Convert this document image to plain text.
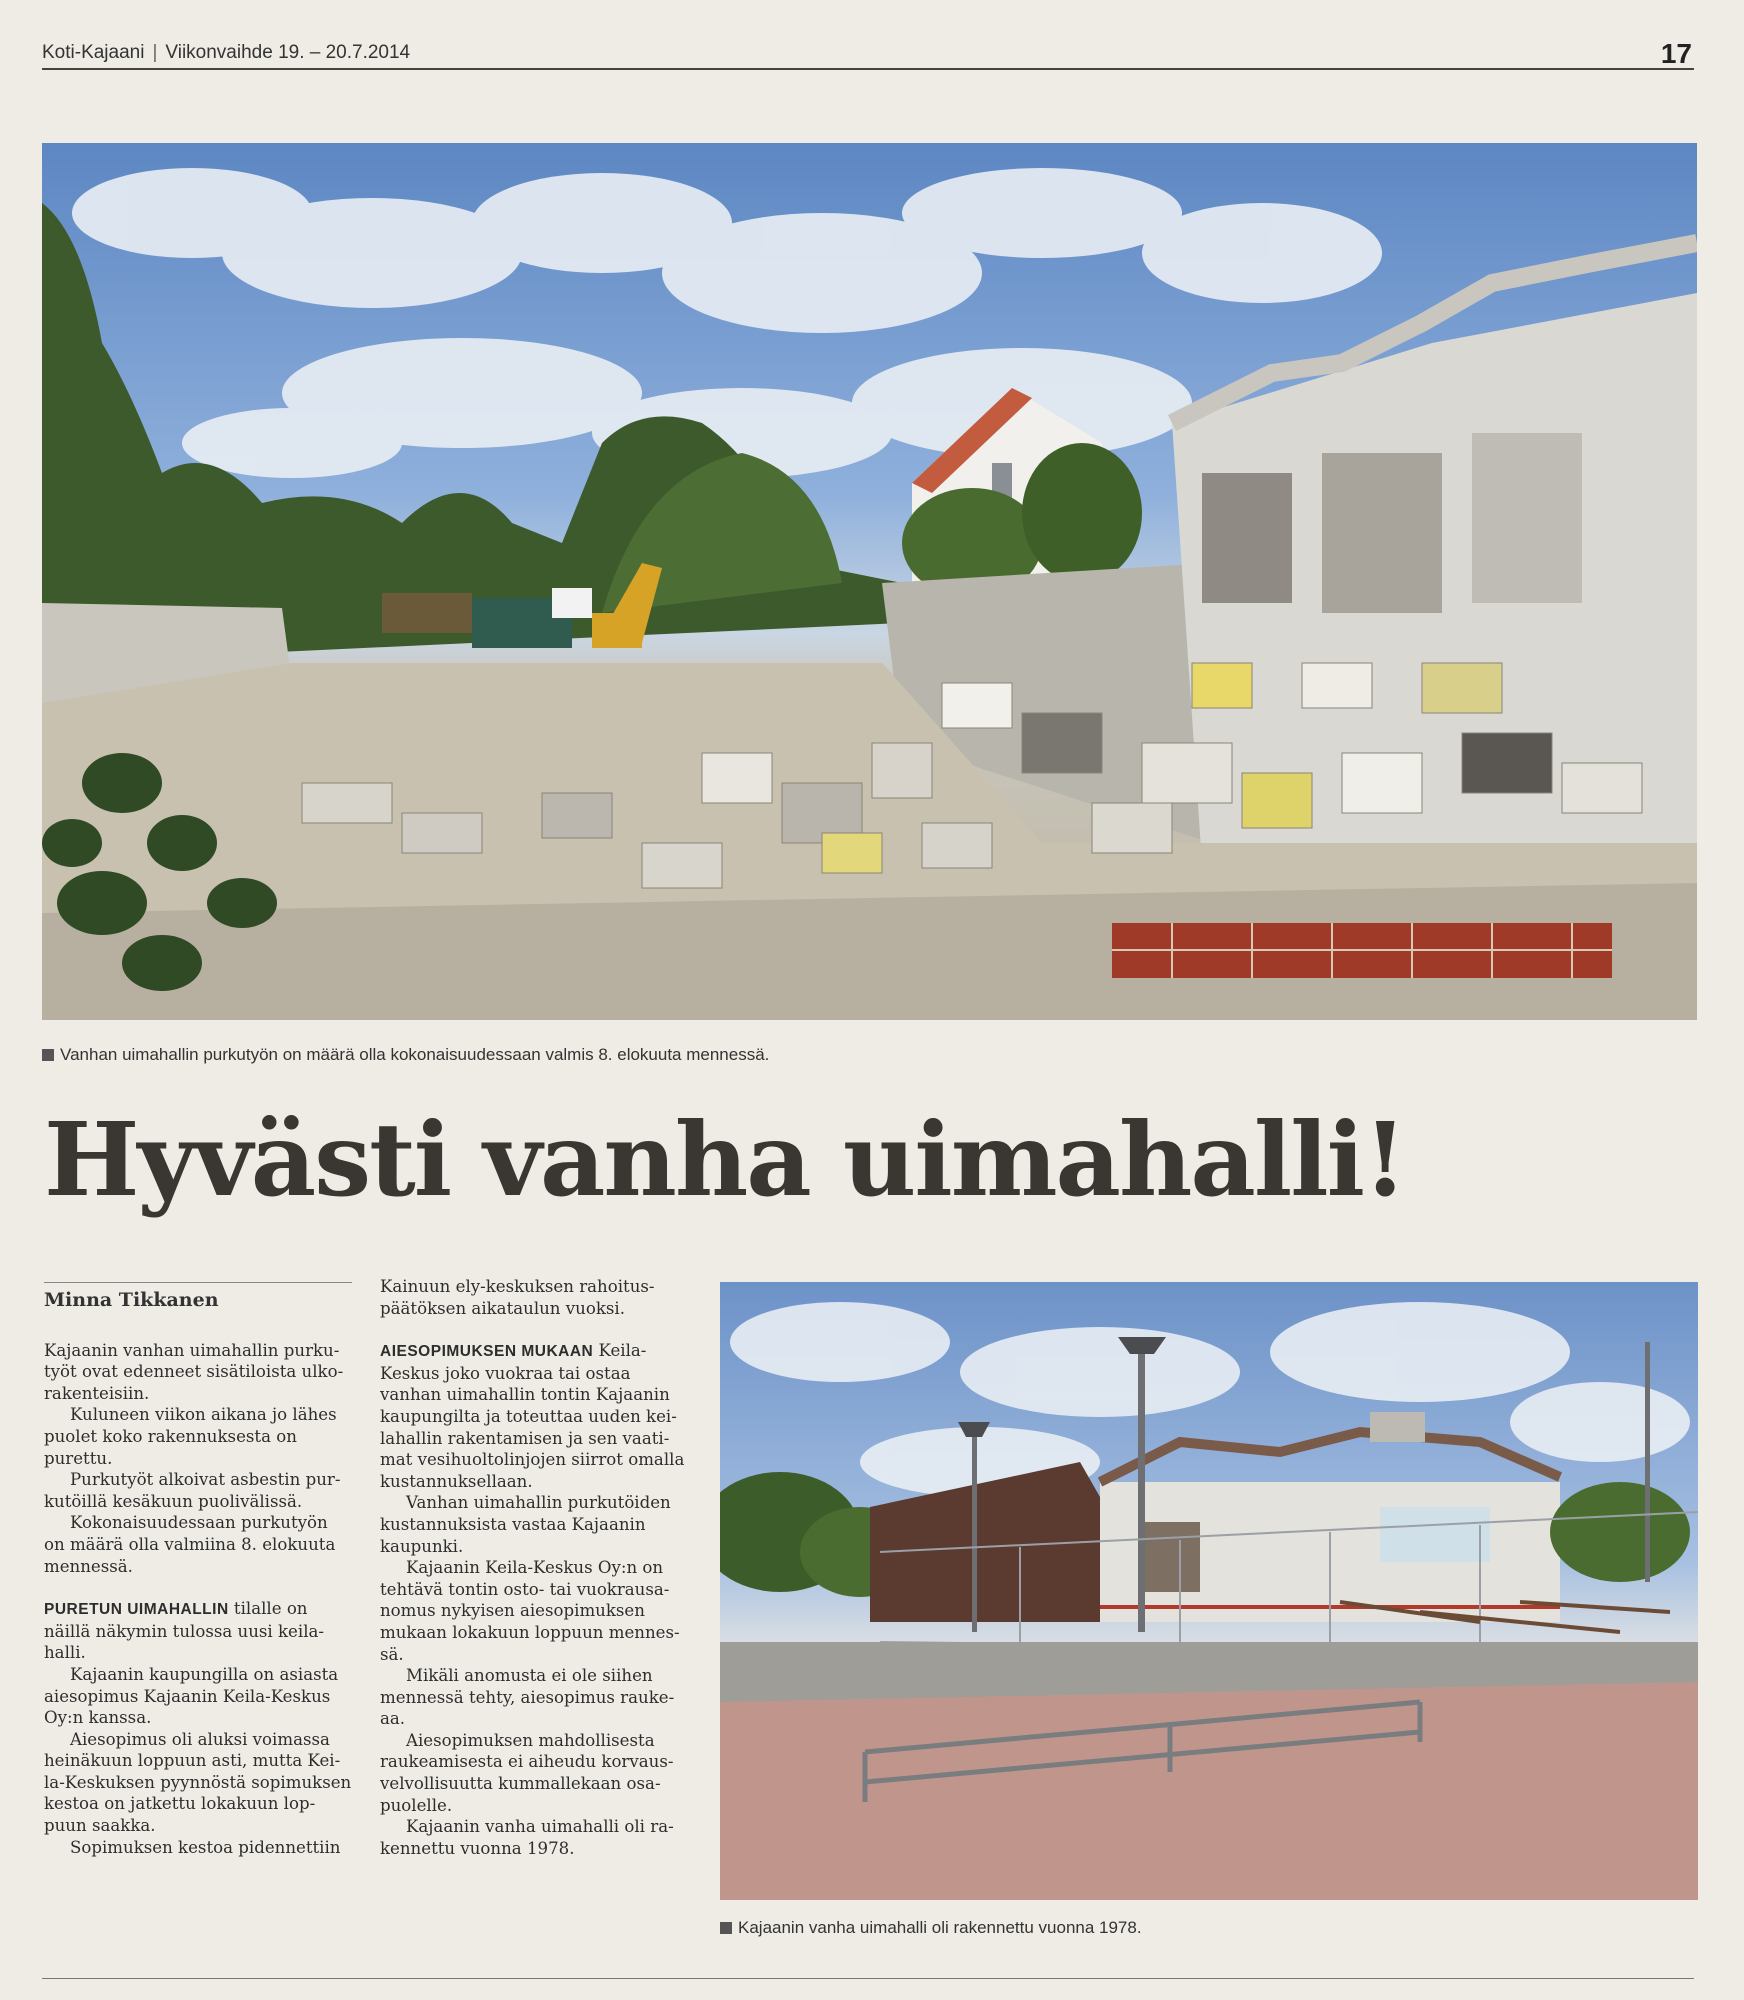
Koti-Kajaani | Viikonvaihde 19. – 20.7.2014	17
Vanhan uimahallin purkutyön on määrä olla kokonaisuudessaan valmis 8. elokuuta mennessä.
Hyvästi vanha uimahalli!
Minna Tikkanen

Kajaanin vanhan uimahallin purkutyöt ovat edenneet sisätiloista ulkorakenteisiin.

Kuluneen viikon aikana jo lähes puolet koko rakennuksesta on purettu.

Purkutyöt alkoivat asbestin purkutöillä kesäkuun puolivälissä.

Kokonaisuudessaan purkutyön on määrä olla valmiina 8. elokuuta mennessä.

PURETUN UIMAHALLIN tilalle on näillä näkymin tulossa uusi keilahalli.

Kajaanin kaupungilla on asiasta aiesopimus Kajaanin Keila-Keskus Oy:n kanssa.

Aiesopimus oli aluksi voimassa heinäkuun loppuun asti, mutta Keila-Keskuksen pyynnöstä sopimuksen kestoa on jatkettu lokakuun loppuun saakka.

Sopimuksen kestoa pidennettiin

Kainuun ely-keskuksen rahoituspäätöksen aikataulun vuoksi.

AIESOPIMUKSEN MUKAAN Keila-Keskus joko vuokraa tai ostaa vanhan uimahallin tontin Kajaanin kaupungilta ja toteuttaa uuden keilahallin rakentamisen ja sen vaatimat vesihuoltolinjojen siirrot omalla kustannuksellaan.

Vanhan uimahallin purkutöiden kustannuksista vastaa Kajaanin kaupunki.

Kajaanin Keila-Keskus Oy:n on tehtävä tontin osto- tai vuokrausanomus nykyisen aiesopimuksen mukaan lokakuun loppuun mennessä.

Mikäli anomusta ei ole siihen mennessä tehty, aiesopimus raukeaa.

Aiesopimuksen mahdollisesta raukeamisesta ei aiheudu korvausvelvollisuutta kummallekaan osapuolelle.

Kajaanin vanha uimahalli oli rakennettu vuonna 1978.

Kajaanin vanha uimahalli oli rakennettu vuonna 1978.
